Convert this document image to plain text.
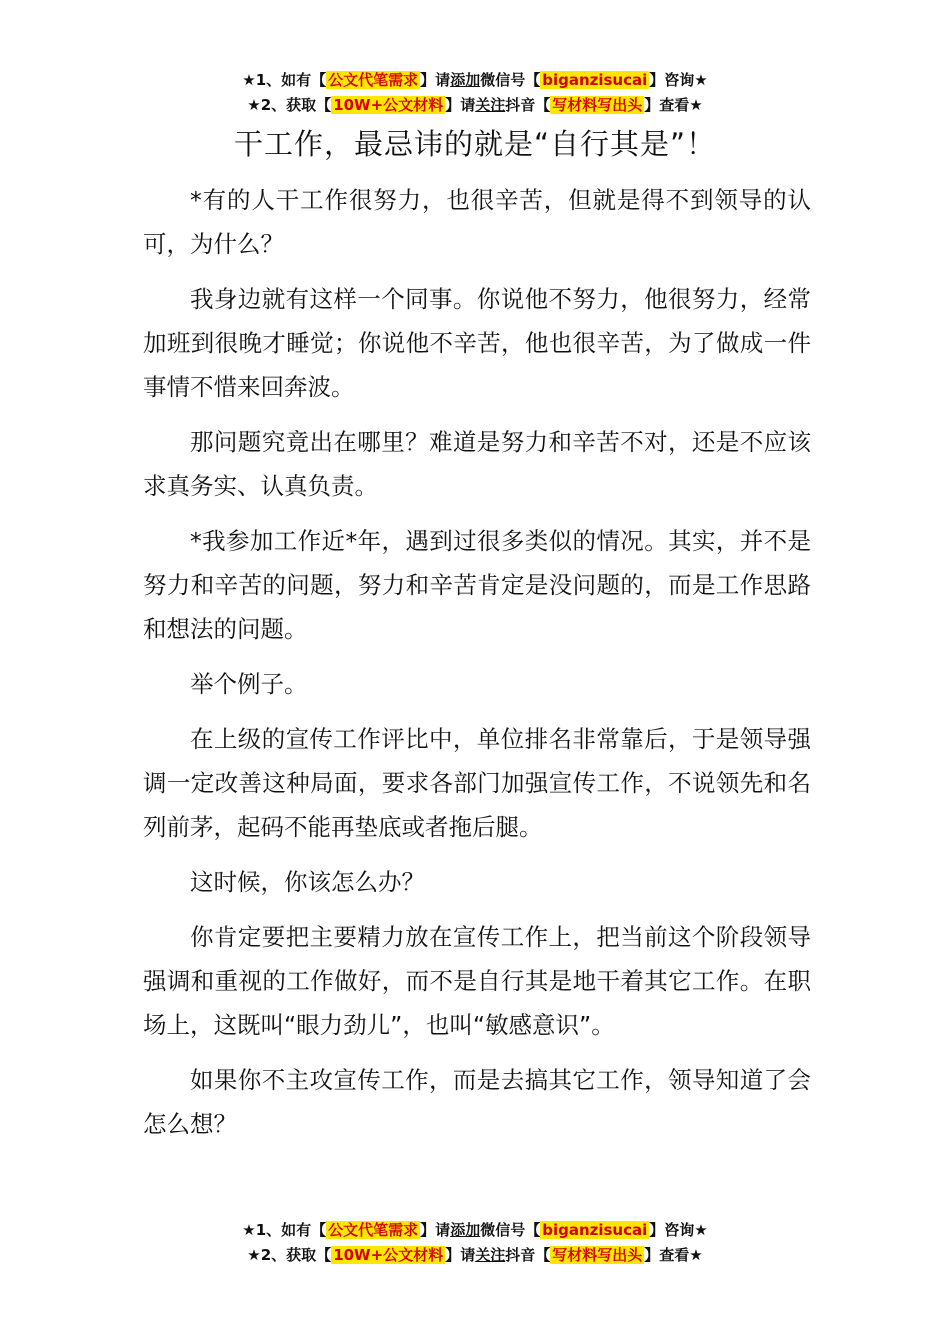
★1、如有【 公文代笔需求 】请添加微信号【 biganzisucai 】咨询★
★2、获取【 10W+公文材料 】请关注抖音【 写材料写出头 】查看★
干工作，最忌讳的就是“自行其是”！

*有的人干工作很努力，也很辛苦，但就是得不到领导的认可，为什么？

我身边就有这样一个同事。你说他不努力，他很努力，经常加班到很晚才睡觉；你说他不辛苦，他也很辛苦，为了做成一件事情不惜来回奔波。

那问题究竟出在哪里？难道是努力和辛苦不对，还是不应该求真务实、认真负责。

*我参加工作近*年，遇到过很多类似的情况。其实，并不是努力和辛苦的问题，努力和辛苦肯定是没问题的，而是工作思路和想法的问题。

举个例子。

在上级的宣传工作评比中，单位排名非常靠后，于是领导强调一定改善这种局面，要求各部门加强宣传工作，不说领先和名列前茅，起码不能再垫底或者拖后腿。

这时候，你该怎么办？

你肯定要把主要精力放在宣传工作上，把当前这个阶段领导强调和重视的工作做好，而不是自行其是地干着其它工作。在职场上，这既叫“眼力劲儿”，也叫“敏感意识”。

如果你不主攻宣传工作，而是去搞其它工作，领导知道了会怎么想？

★1、如有【 公文代笔需求 】请添加微信号【 biganzisucai 】咨询★
★2、获取【 10W+公文材料 】请关注抖音【 写材料写出头 】查看★
